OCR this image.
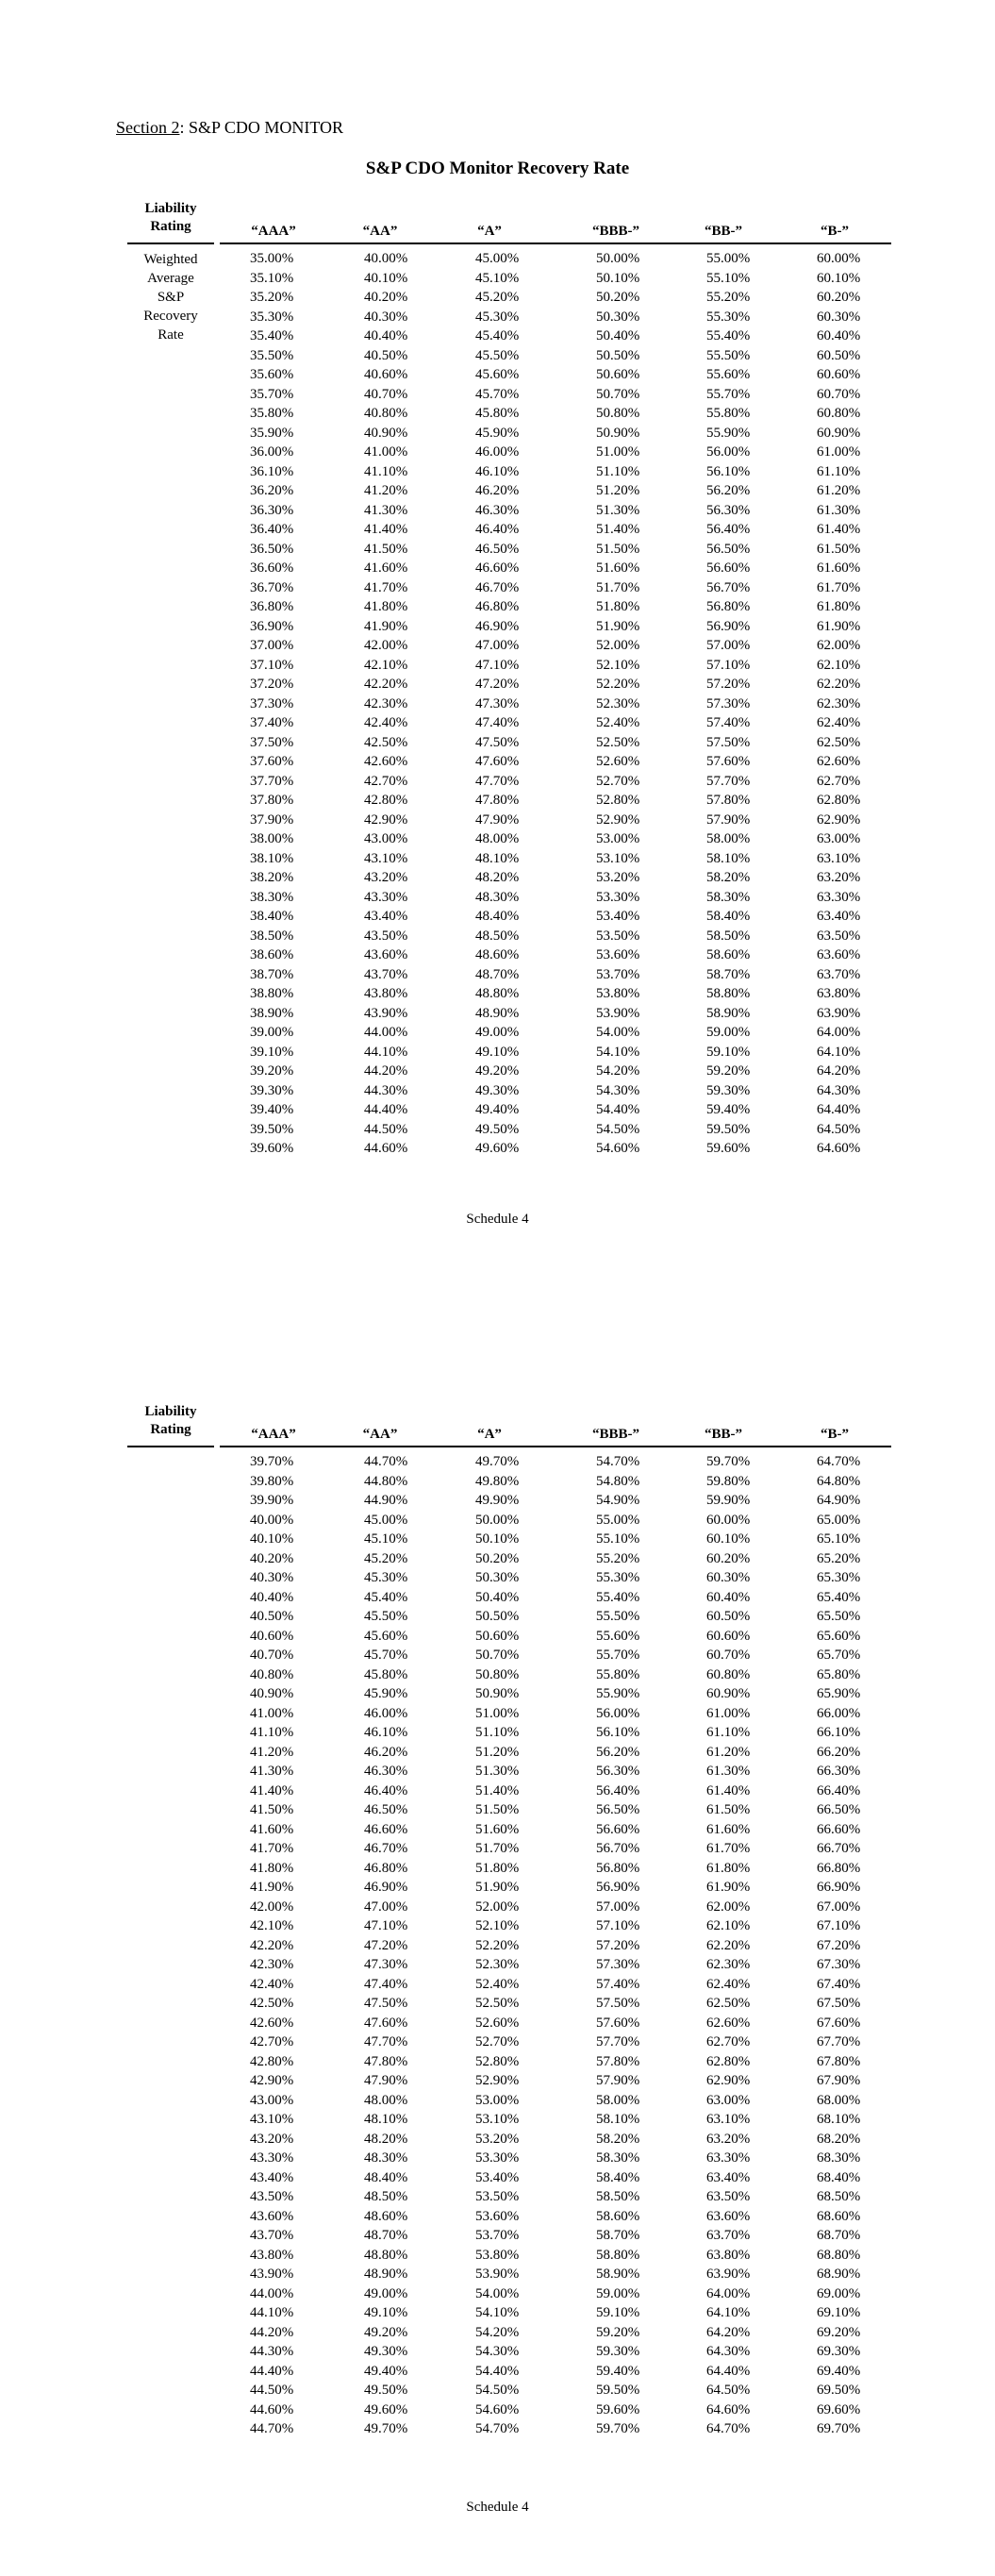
Section 2: S&P CDO MONITOR
S&P CDO Monitor Recovery Rate
Liability
Rating	“AAA”	“AA”	“A”	“BBB-”	“BB-”	“B-”
Weighted
Average
S&P
Recovery
Rate
35.00%	40.00%	45.00%	50.00%	55.00%	60.00%
35.10%	40.10%	45.10%	50.10%	55.10%	60.10%
35.20%	40.20%	45.20%	50.20%	55.20%	60.20%
35.30%	40.30%	45.30%	50.30%	55.30%	60.30%
35.40%	40.40%	45.40%	50.40%	55.40%	60.40%
35.50%	40.50%	45.50%	50.50%	55.50%	60.50%
35.60%	40.60%	45.60%	50.60%	55.60%	60.60%
35.70%	40.70%	45.70%	50.70%	55.70%	60.70%
35.80%	40.80%	45.80%	50.80%	55.80%	60.80%
35.90%	40.90%	45.90%	50.90%	55.90%	60.90%
36.00%	41.00%	46.00%	51.00%	56.00%	61.00%
36.10%	41.10%	46.10%	51.10%	56.10%	61.10%
36.20%	41.20%	46.20%	51.20%	56.20%	61.20%
36.30%	41.30%	46.30%	51.30%	56.30%	61.30%
36.40%	41.40%	46.40%	51.40%	56.40%	61.40%
36.50%	41.50%	46.50%	51.50%	56.50%	61.50%
36.60%	41.60%	46.60%	51.60%	56.60%	61.60%
36.70%	41.70%	46.70%	51.70%	56.70%	61.70%
36.80%	41.80%	46.80%	51.80%	56.80%	61.80%
36.90%	41.90%	46.90%	51.90%	56.90%	61.90%
37.00%	42.00%	47.00%	52.00%	57.00%	62.00%
37.10%	42.10%	47.10%	52.10%	57.10%	62.10%
37.20%	42.20%	47.20%	52.20%	57.20%	62.20%
37.30%	42.30%	47.30%	52.30%	57.30%	62.30%
37.40%	42.40%	47.40%	52.40%	57.40%	62.40%
37.50%	42.50%	47.50%	52.50%	57.50%	62.50%
37.60%	42.60%	47.60%	52.60%	57.60%	62.60%
37.70%	42.70%	47.70%	52.70%	57.70%	62.70%
37.80%	42.80%	47.80%	52.80%	57.80%	62.80%
37.90%	42.90%	47.90%	52.90%	57.90%	62.90%
38.00%	43.00%	48.00%	53.00%	58.00%	63.00%
38.10%	43.10%	48.10%	53.10%	58.10%	63.10%
38.20%	43.20%	48.20%	53.20%	58.20%	63.20%
38.30%	43.30%	48.30%	53.30%	58.30%	63.30%
38.40%	43.40%	48.40%	53.40%	58.40%	63.40%
38.50%	43.50%	48.50%	53.50%	58.50%	63.50%
38.60%	43.60%	48.60%	53.60%	58.60%	63.60%
38.70%	43.70%	48.70%	53.70%	58.70%	63.70%
38.80%	43.80%	48.80%	53.80%	58.80%	63.80%
38.90%	43.90%	48.90%	53.90%	58.90%	63.90%
39.00%	44.00%	49.00%	54.00%	59.00%	64.00%
39.10%	44.10%	49.10%	54.10%	59.10%	64.10%
39.20%	44.20%	49.20%	54.20%	59.20%	64.20%
39.30%	44.30%	49.30%	54.30%	59.30%	64.30%
39.40%	44.40%	49.40%	54.40%	59.40%	64.40%
39.50%	44.50%	49.50%	54.50%	59.50%	64.50%
39.60%	44.60%	49.60%	54.60%	59.60%	64.60%
Schedule 4
Liability
Rating	“AAA”	“AA”	“A”	“BBB-”	“BB-”	“B-”
39.70%	44.70%	49.70%	54.70%	59.70%	64.70%
39.80%	44.80%	49.80%	54.80%	59.80%	64.80%
39.90%	44.90%	49.90%	54.90%	59.90%	64.90%
40.00%	45.00%	50.00%	55.00%	60.00%	65.00%
40.10%	45.10%	50.10%	55.10%	60.10%	65.10%
40.20%	45.20%	50.20%	55.20%	60.20%	65.20%
40.30%	45.30%	50.30%	55.30%	60.30%	65.30%
40.40%	45.40%	50.40%	55.40%	60.40%	65.40%
40.50%	45.50%	50.50%	55.50%	60.50%	65.50%
40.60%	45.60%	50.60%	55.60%	60.60%	65.60%
40.70%	45.70%	50.70%	55.70%	60.70%	65.70%
40.80%	45.80%	50.80%	55.80%	60.80%	65.80%
40.90%	45.90%	50.90%	55.90%	60.90%	65.90%
41.00%	46.00%	51.00%	56.00%	61.00%	66.00%
41.10%	46.10%	51.10%	56.10%	61.10%	66.10%
41.20%	46.20%	51.20%	56.20%	61.20%	66.20%
41.30%	46.30%	51.30%	56.30%	61.30%	66.30%
41.40%	46.40%	51.40%	56.40%	61.40%	66.40%
41.50%	46.50%	51.50%	56.50%	61.50%	66.50%
41.60%	46.60%	51.60%	56.60%	61.60%	66.60%
41.70%	46.70%	51.70%	56.70%	61.70%	66.70%
41.80%	46.80%	51.80%	56.80%	61.80%	66.80%
41.90%	46.90%	51.90%	56.90%	61.90%	66.90%
42.00%	47.00%	52.00%	57.00%	62.00%	67.00%
42.10%	47.10%	52.10%	57.10%	62.10%	67.10%
42.20%	47.20%	52.20%	57.20%	62.20%	67.20%
42.30%	47.30%	52.30%	57.30%	62.30%	67.30%
42.40%	47.40%	52.40%	57.40%	62.40%	67.40%
42.50%	47.50%	52.50%	57.50%	62.50%	67.50%
42.60%	47.60%	52.60%	57.60%	62.60%	67.60%
42.70%	47.70%	52.70%	57.70%	62.70%	67.70%
42.80%	47.80%	52.80%	57.80%	62.80%	67.80%
42.90%	47.90%	52.90%	57.90%	62.90%	67.90%
43.00%	48.00%	53.00%	58.00%	63.00%	68.00%
43.10%	48.10%	53.10%	58.10%	63.10%	68.10%
43.20%	48.20%	53.20%	58.20%	63.20%	68.20%
43.30%	48.30%	53.30%	58.30%	63.30%	68.30%
43.40%	48.40%	53.40%	58.40%	63.40%	68.40%
43.50%	48.50%	53.50%	58.50%	63.50%	68.50%
43.60%	48.60%	53.60%	58.60%	63.60%	68.60%
43.70%	48.70%	53.70%	58.70%	63.70%	68.70%
43.80%	48.80%	53.80%	58.80%	63.80%	68.80%
43.90%	48.90%	53.90%	58.90%	63.90%	68.90%
44.00%	49.00%	54.00%	59.00%	64.00%	69.00%
44.10%	49.10%	54.10%	59.10%	64.10%	69.10%
44.20%	49.20%	54.20%	59.20%	64.20%	69.20%
44.30%	49.30%	54.30%	59.30%	64.30%	69.30%
44.40%	49.40%	54.40%	59.40%	64.40%	69.40%
44.50%	49.50%	54.50%	59.50%	64.50%	69.50%
44.60%	49.60%	54.60%	59.60%	64.60%	69.60%
44.70%	49.70%	54.70%	59.70%	64.70%	69.70%
Schedule 4
